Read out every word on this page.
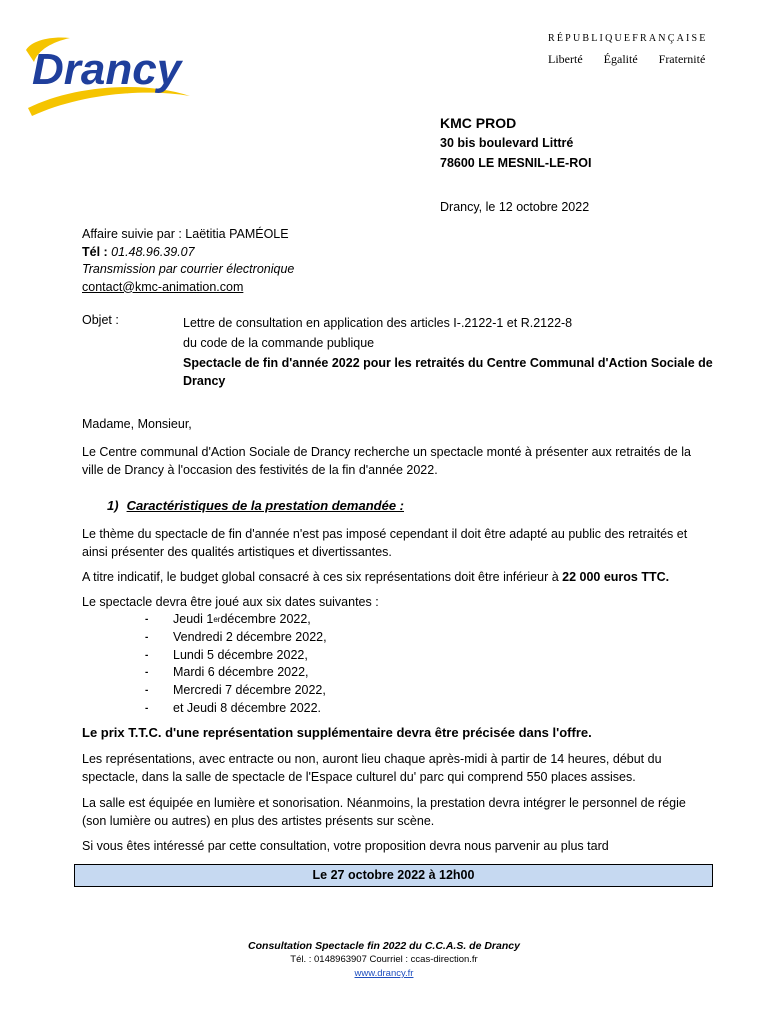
Drancy
RÉPUBLIQUEFRANÇAISE
Liberté Égalité Fraternité
KMC PROD
30 bis boulevard Littré
78600 LE MESNIL-LE-ROI
Drancy, le 12 octobre 2022
Affaire suivie par : Laëtitia PAMÉOLE
Tél : 01.48.96.39.07
Transmission par courrier électronique
contact@kmc-animation.com
Objet :	Lettre de consultation en application des articles I-.2122-1 et R.2122-8
du code de la commande publique
Spectacle de fin d'année 2022 pour les retraités du Centre Communal d'Action Sociale de Drancy
Madame, Monsieur,
Le Centre communal d'Action Sociale de Drancy recherche un spectacle monté à présenter aux retraités de la ville de Drancy à l'occasion des festivités de la fin d'année 2022.
1) Caractéristiques de la prestation demandée :
Le thème du spectacle de fin d'année n'est pas imposé cependant il doit être adapté au public des retraités et ainsi présenter des qualités artistiques et divertissantes.
A titre indicatif, le budget global consacré à ces six représentations doit être inférieur à 22 000 euros TTC.
Le spectacle devra être joué aux six dates suivantes :
-	Jeudi 1 er décembre 2022,
-	Vendredi 2 décembre 2022,
-	Lundi 5 décembre 2022,
-	Mardi 6 décembre 2022,
-	Mercredi 7 décembre 2022,
-	et Jeudi 8 décembre 2022.
Le prix T.T.C. d'une représentation supplémentaire devra être précisée dans l'offre.
Les représentations, avec entracte ou non, auront lieu chaque après-midi à partir de 14 heures, début du spectacle, dans la salle de spectacle de l'Espace culturel du' parc qui comprend 550 places assises.
La salle est équipée en lumière et sonorisation. Néanmoins, la prestation devra intégrer le personnel de régie (son lumière ou autres) en plus des artistes présents sur scène.
Si vous êtes intéressé par cette consultation, votre proposition devra nous parvenir au plus tard
Le 27 octobre 2022 à 12h00
Consultation Spectacle fin 2022 du C.C.A.S. de Drancy
Tél. : 0148963907 Courriel : ccas-direction.fr
www.drancy.fr
